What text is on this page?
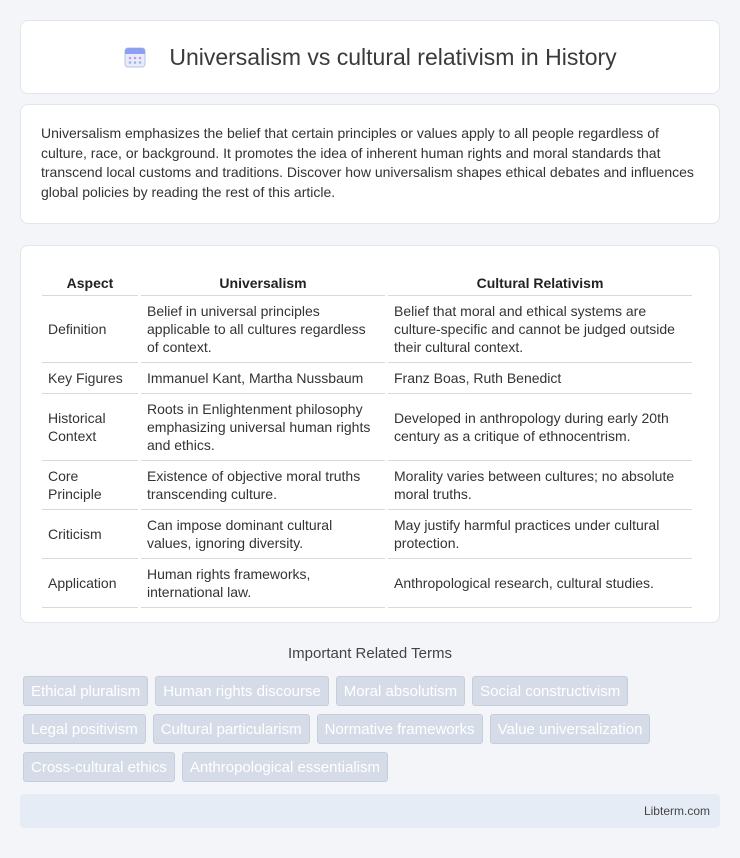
Universalism vs cultural relativism in History

Universalism emphasizes the belief that certain principles or values apply to all people regardless of culture, race, or background. It promotes the idea of inherent human rights and moral standards that transcend local customs and traditions. Discover how universalism shapes ethical debates and influences global policies by reading the rest of this article.

Aspect	Universalism	Cultural Relativism
Definition	Belief in universal principles applicable to all cultures regardless of context.	Belief that moral and ethical systems are culture-specific and cannot be judged outside their cultural context.
Key Figures	Immanuel Kant, Martha Nussbaum	Franz Boas, Ruth Benedict
Historical Context	Roots in Enlightenment philosophy emphasizing universal human rights and ethics.	Developed in anthropology during early 20th century as a critique of ethnocentrism.
Core Principle	Existence of objective moral truths transcending culture.	Morality varies between cultures; no absolute moral truths.
Criticism	Can impose dominant cultural values, ignoring diversity.	May justify harmful practices under cultural protection.
Application	Human rights frameworks, international law.	Anthropological research, cultural studies.
Important Related Terms
Ethical pluralism	Human rights discourse	Moral absolutism	Social constructivism
Legal positivism	Cultural particularism	Normative frameworks	Value universalization
Cross-cultural ethics	Anthropological essentialism
Libterm.com
